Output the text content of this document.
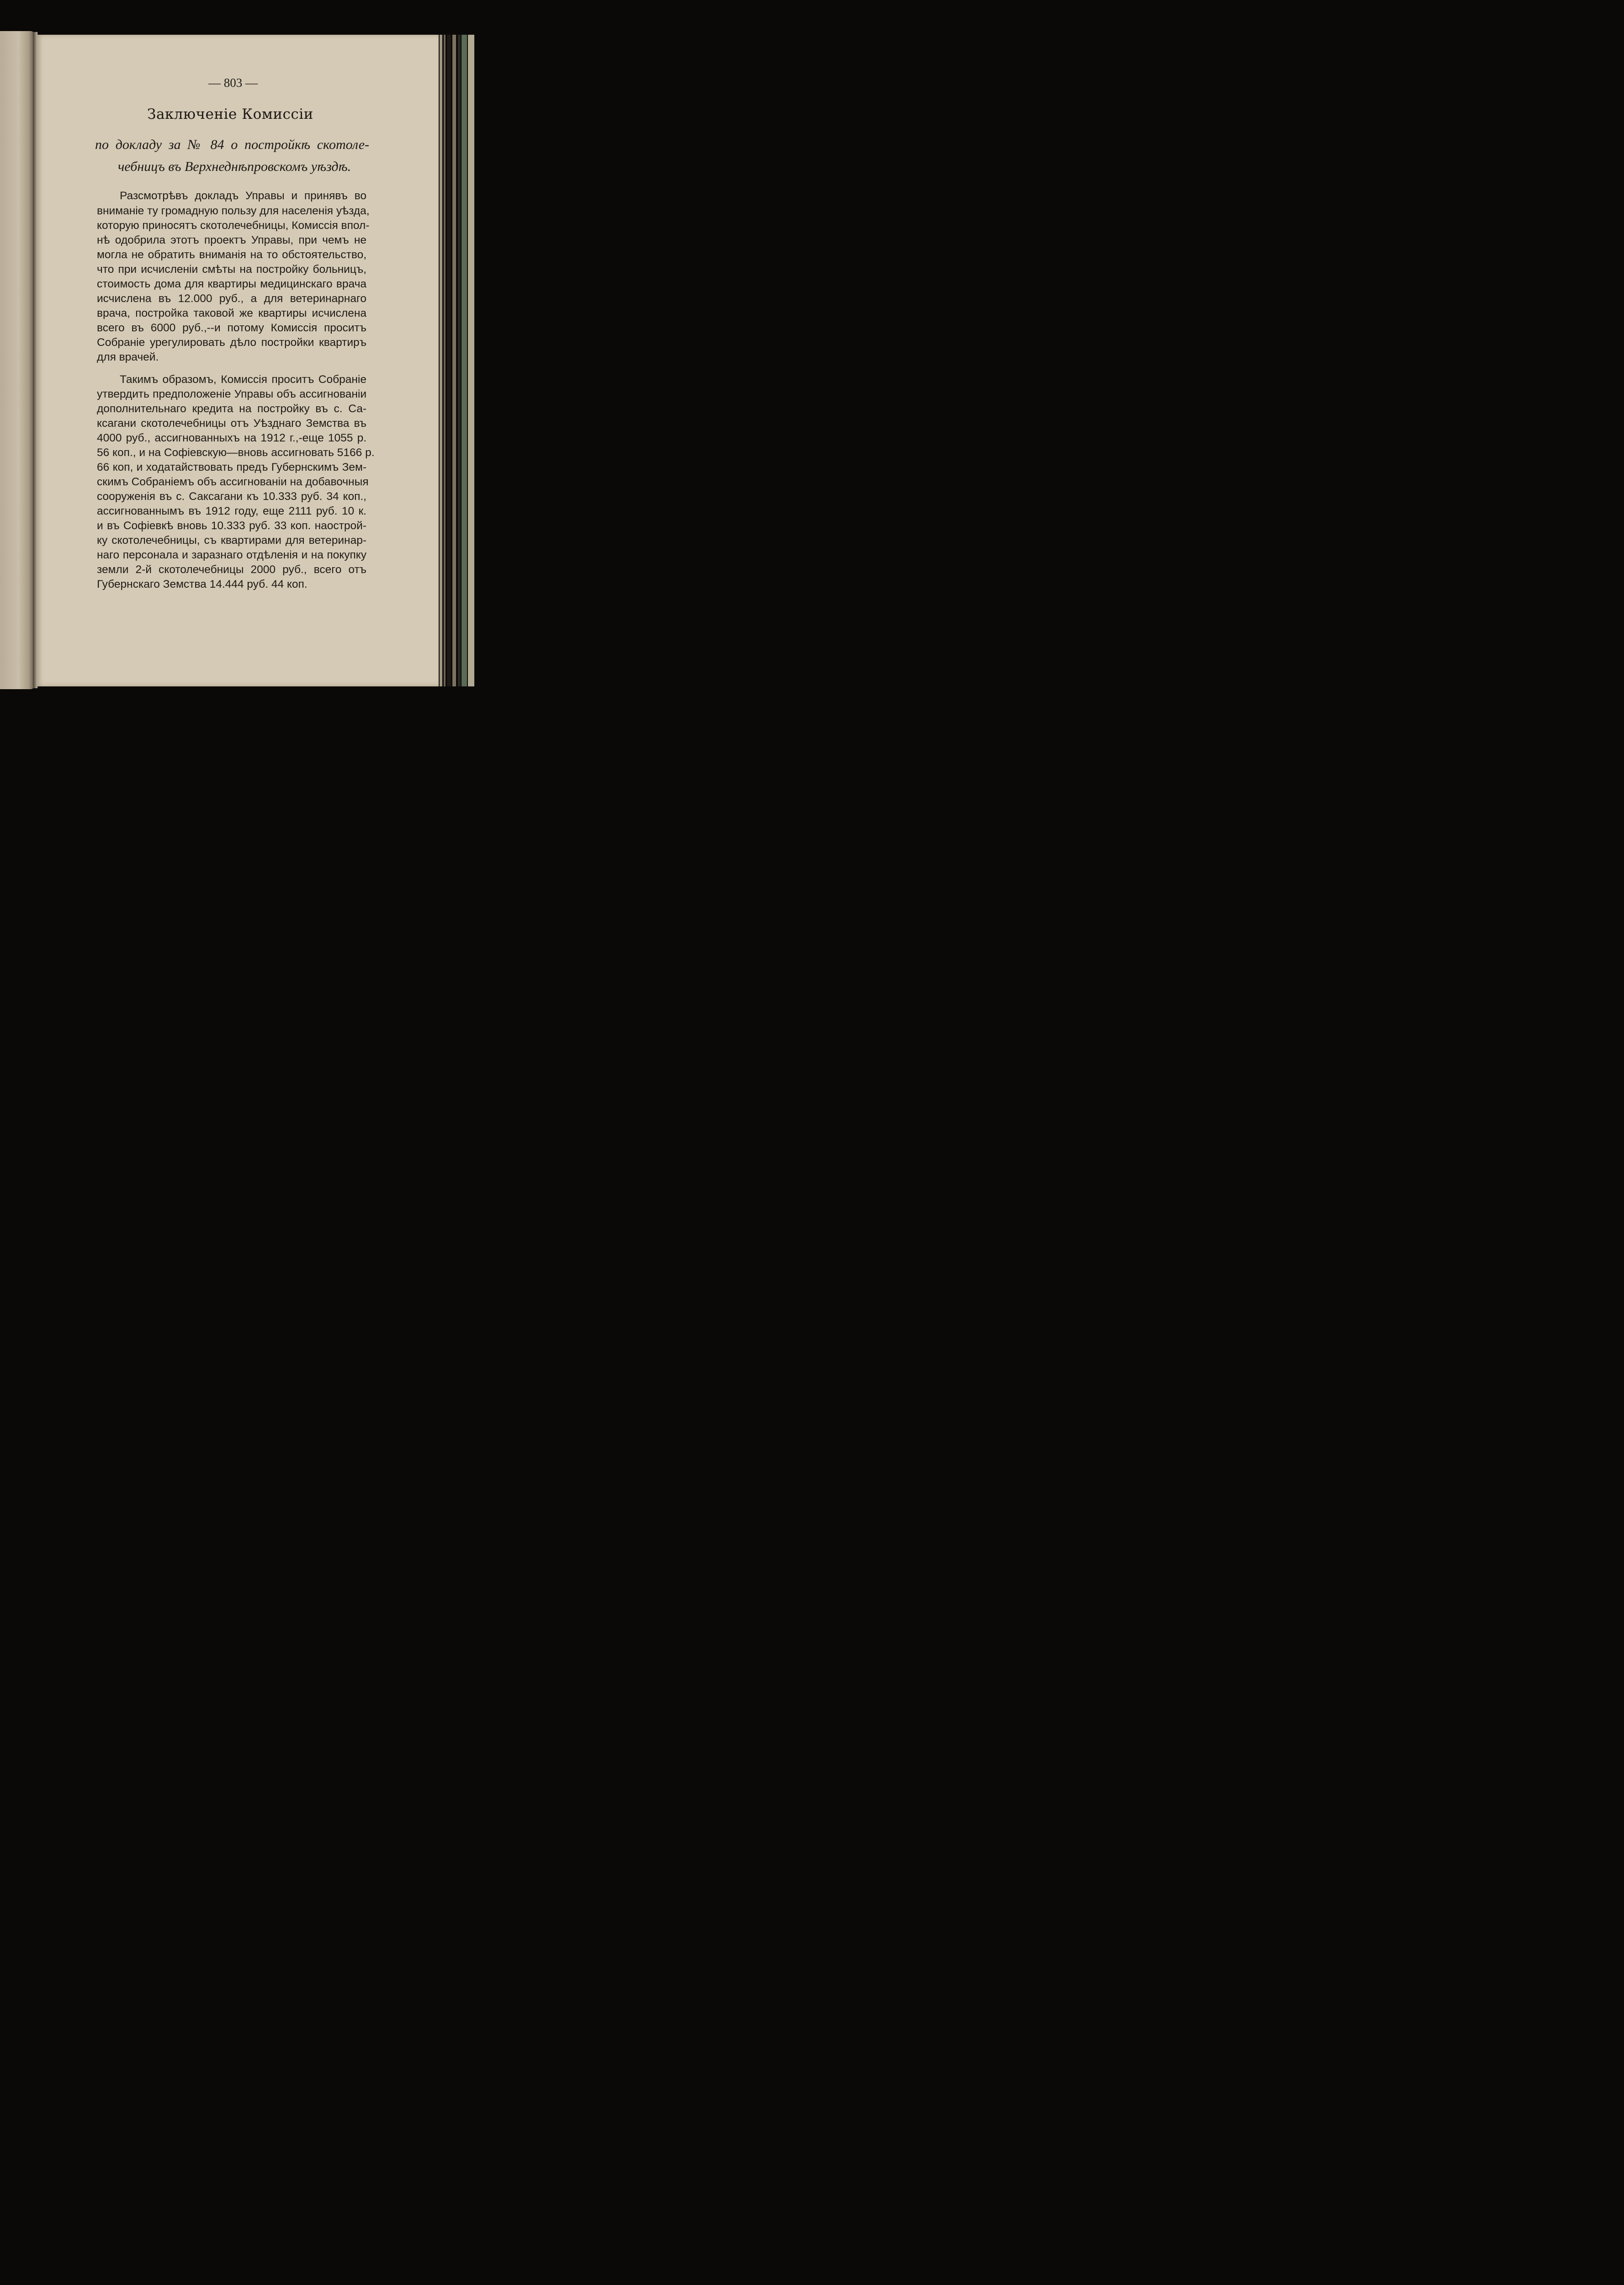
— 803 —
Заключенiе Комиссiи
по докладу за № 84 о постройкѣ скотоле-
чебницъ въ Верхнеднѣпровскомъ уѣздѣ.
Разсмотрѣвъ докладъ Управы и принявъ во
вниманiе ту громадную пользу для населенiя уѣзда,
которую приносятъ скотолечебницы, Комиссiя впол-
нѣ одобрила этотъ проектъ Управы, при чемъ не
могла не обратить вниманiя на то обстоятельство,
что при исчисленiи смѣты на постройку больницъ,
стоимость дома для квартиры медицинскаго врача
исчислена въ 12.000 руб., а для ветеринарнаго
врача, постройка таковой же квартиры исчислена
всего въ 6000 руб.,--и потому Комиссiя проситъ
Собранiе урегулировать дѣло постройки квартиръ
для врачей.
Такимъ образомъ, Комиссiя проситъ Собранiе
утвердить предположенiе Управы объ ассигнованiи
дополнительнаго кредита на постройку въ с. Са-
ксагани скотолечебницы отъ Уѣзднаго Земства въ
4000 руб., ассигнованныхъ на 1912 г.,-еще 1055 р.
56 коп., и на Софiевскую—вновь ассигновать 5166 р.
66 коп, и ходатайствовать предъ Губернскимъ Зем-
скимъ Собранiемъ объ ассигнованiи на добавочныя
сооруженiя въ с. Саксагани къ 10.333 руб. 34 коп.,
ассигнованнымъ въ 1912 году, еще 2111 руб. 10 к.
и въ Софiевкѣ вновь 10.333 руб. 33 коп. наострой-
ку скотолечебницы, съ квартирами для ветеринар-
наго персонала и заразнаго отдѣленiя и на покупку
земли 2-й скотолечебницы 2000 руб., всего отъ
Губернскаго Земства 14.444 руб. 44 коп.
